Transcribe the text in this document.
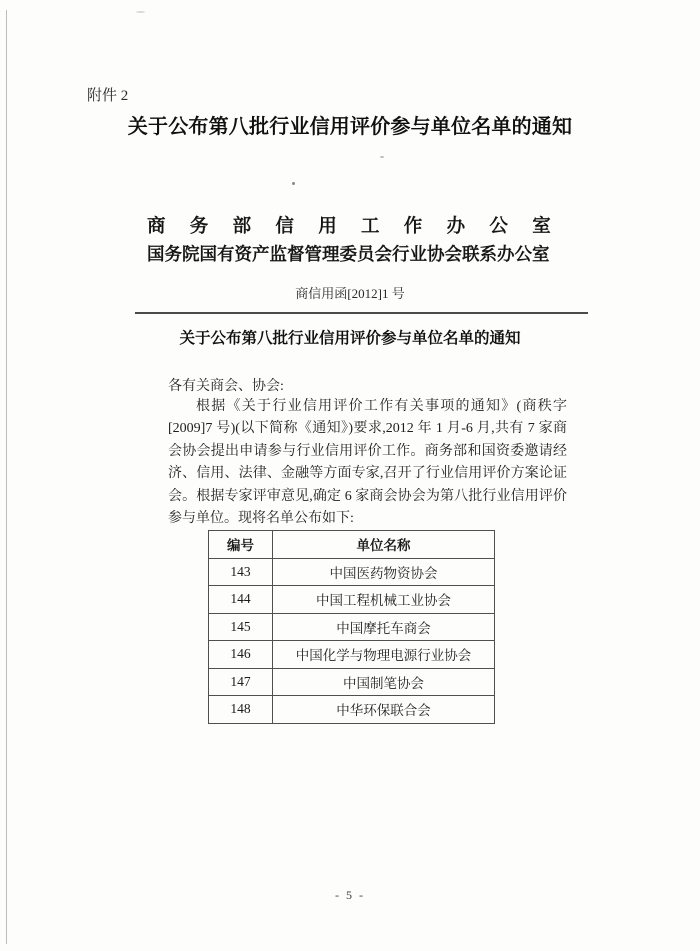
附件 2
关于公布第八批行业信用评价参与单位名单的通知
商务部信用工作办公室
国务院国有资产监督管理委员会行业协会联系办公室
商信用函[2012]1 号
关于公布第八批行业信用评价参与单位名单的通知
各有关商会、协会:
根据《关于行业信用评价工作有关事项的通知》(商秩字[2009]7 号)(以下简称《通知》)要求,2012 年 1 月-6 月,共有 7 家商会协会提出申请参与行业信用评价工作。商务部和国资委邀请经济、信用、法律、金融等方面专家,召开了行业信用评价方案论证会。根据专家评审意见,确定 6 家商会协会为第八批行业信用评价参与单位。现将名单公布如下:
编号	单位名称
143	中国医药物资协会
144	中国工程机械工业协会
145	中国摩托车商会
146	中国化学与物理电源行业协会
147	中国制笔协会
148	中华环保联合会
- 5 -
